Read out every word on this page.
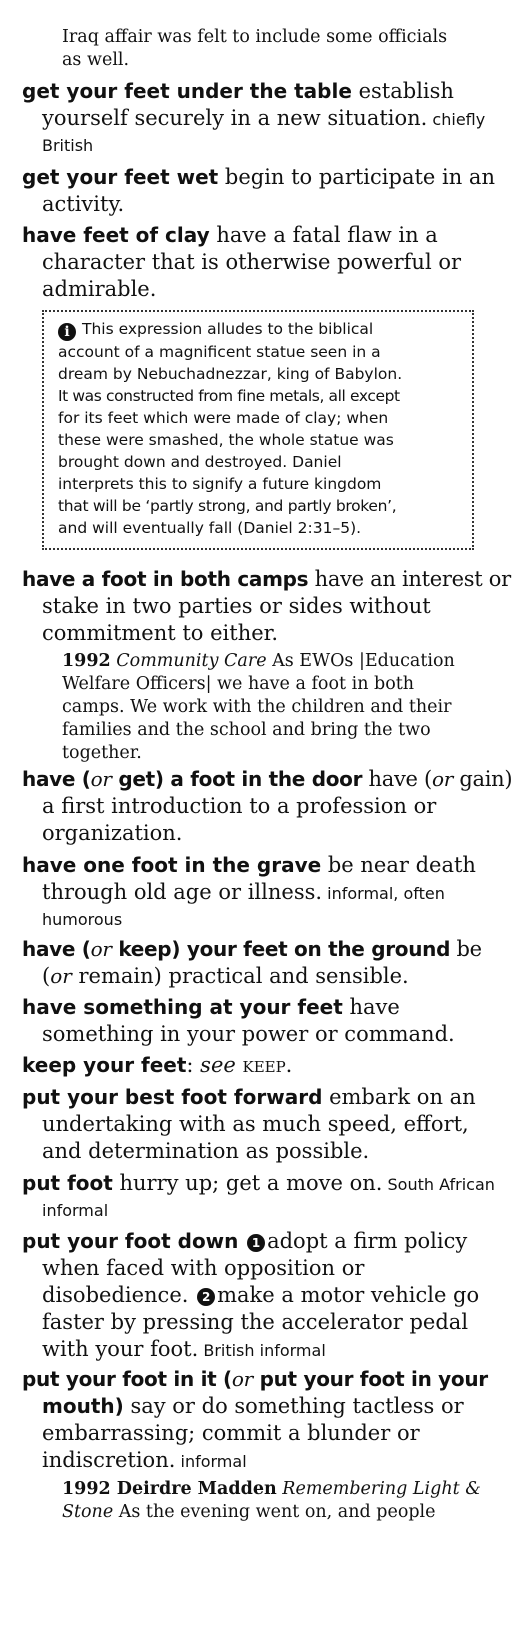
Iraq affair was felt to include some officials
as well.
get your feet under the table establish
yourself securely in a new situation. chiefly
British
get your feet wet begin to participate in an
activity.
have feet of clay have a fatal flaw in a
character that is otherwise powerful or
admirable.
i This expression alludes to the biblical
account of a magnificent statue seen in a
dream by Nebuchadnezzar, king of Babylon.
It was constructed from fine metals, all except
for its feet which were made of clay; when
these were smashed, the whole statue was
brought down and destroyed. Daniel
interprets this to signify a future kingdom
that will be ‘partly strong, and partly broken’,
and will eventually fall (Daniel 2:31–5).
have a foot in both camps have an interest or
stake in two parties or sides without
commitment to either.
1992 Community Care As EWOs |Education
Welfare Officers| we have a foot in both
camps. We work with the children and their
families and the school and bring the two
together.
have (or get) a foot in the door have (or gain)
a first introduction to a profession or
organization.
have one foot in the grave be near death
through old age or illness. informal, often
humorous
have (or keep) your feet on the ground be
(or remain) practical and sensible.
have something at your feet have
something in your power or command.
keep your feet: see keep.
put your best foot forward embark on an
undertaking with as much speed, effort,
and determination as possible.
put foot hurry up; get a move on. South African
informal
put your foot down 1 adopt a firm policy
when faced with opposition or
disobedience. 2 make a motor vehicle go
faster by pressing the accelerator pedal
with your foot. British informal
put your foot in it (or put your foot in your
mouth) say or do something tactless or
embarrassing; commit a blunder or
indiscretion. informal
1992 Deirdre Madden Remembering Light &
Stone As the evening went on, and people
